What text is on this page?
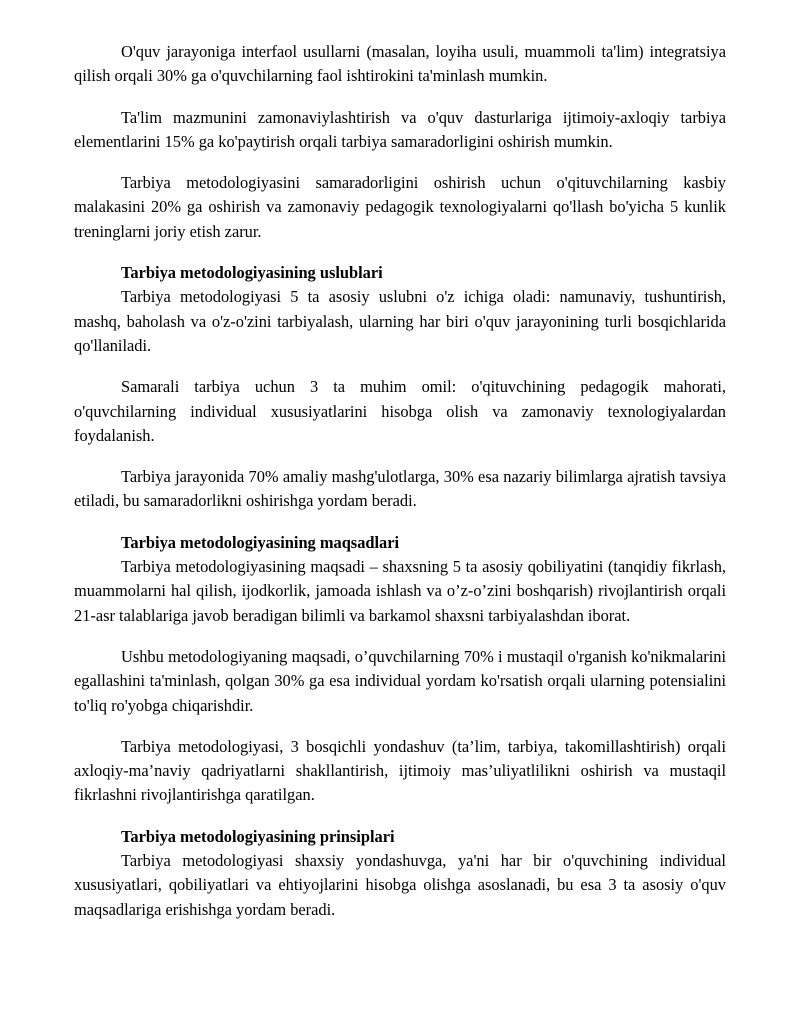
O'quv jarayoniga interfaol usullarni (masalan, loyiha usuli, muammoli ta'lim) integratsiya qilish orqali 30% ga o'quvchilarning faol ishtirokini ta'minlash mumkin.

Ta'lim mazmunini zamonaviylashtirish va o'quv dasturlariga ijtimoiy-axloqiy tarbiya elementlarini 15% ga ko'paytirish orqali tarbiya samaradorligini oshirish mumkin.

Tarbiya metodologiyasini samaradorligini oshirish uchun o'qituvchilarning kasbiy malakasini 20% ga oshirish va zamonaviy pedagogik texnologiyalarni qo'llash bo'yicha 5 kunlik treninglarni joriy etish zarur.

Tarbiya metodologiyasining uslublari

Tarbiya metodologiyasi 5 ta asosiy uslubni o'z ichiga oladi: namunaviy, tushuntirish, mashq, baholash va o'z-o'zini tarbiyalash, ularning har biri o'quv jarayonining turli bosqichlarida qo'llaniladi.

Samarali tarbiya uchun 3 ta muhim omil: o'qituvchining pedagogik mahorati, o'quvchilarning individual xususiyatlarini hisobga olish va zamonaviy texnologiyalardan foydalanish.

Tarbiya jarayonida 70% amaliy mashg'ulotlarga, 30% esa nazariy bilimlarga ajratish tavsiya etiladi, bu samaradorlikni oshirishga yordam beradi.

Tarbiya metodologiyasining maqsadlari

Tarbiya metodologiyasining maqsadi – shaxsning 5 ta asosiy qobiliyatini (tanqidiy fikrlash, muammolarni hal qilish, ijodkorlik, jamoada ishlash va o’z-o’zini boshqarish) rivojlantirish orqali 21-asr talablariga javob beradigan bilimli va barkamol shaxsni tarbiyalashdan iborat.

Ushbu metodologiyaning maqsadi, o’quvchilarning 70% i mustaqil o'rganish ko'nikmalarini egallashini ta'minlash, qolgan 30% ga esa individual yordam ko'rsatish orqali ularning potensialini to'liq ro'yobga chiqarishdir.

Tarbiya metodologiyasi, 3 bosqichli yondashuv (ta’lim, tarbiya, takomillashtirish) orqali axloqiy-ma’naviy qadriyatlarni shakllantirish, ijtimoiy mas’uliyatlilikni oshirish va mustaqil fikrlashni rivojlantirishga qaratilgan.

Tarbiya metodologiyasining prinsiplari

Tarbiya metodologiyasi shaxsiy yondashuvga, ya'ni har bir o'quvchining individual xususiyatlari, qobiliyatlari va ehtiyojlarini hisobga olishga asoslanadi, bu esa 3 ta asosiy o'quv maqsadlariga erishishga yordam beradi.
